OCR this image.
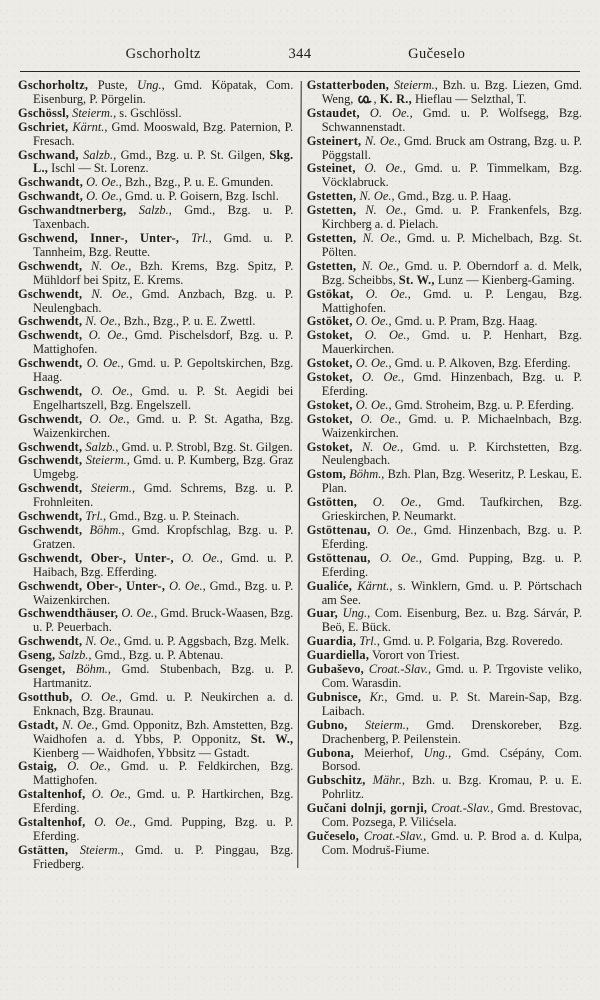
Gschorholtz	344	Gučeselo

Gschorholtz, Puste, Ung., Gmd. Köpatak, Com. Eisenburg, P. Pörgelin.

Gschössl, Steierm., s. Gschlössl.

Gschriet, Kärnt., Gmd. Mooswald, Bzg. Paternion, P. Fresach.

Gschwand, Salzb., Gmd., Bzg. u. P. St. Gilgen, Skg. L., Ischl — St. Lorenz.

Gschwandt, O. Oe., Bzh., Bzg., P. u. E. Gmunden.

Gschwandt, O. Oe., Gmd. u. P. Goisern, Bzg. Ischl.

Gschwandtnerberg, Salzb., Gmd., Bzg. u. P. Taxenbach.

Gschwend, Inner-, Unter-, Trl., Gmd. u. P. Tannheim, Bzg. Reutte.

Gschwendt, N. Oe., Bzh. Krems, Bzg. Spitz, P. Mühldorf bei Spitz, E. Krems.

Gschwendt, N. Oe., Gmd. Anzbach, Bzg. u. P. Neulengbach.

Gschwendt, N. Oe., Bzh., Bzg., P. u. E. Zwettl.

Gschwendt, O. Oe., Gmd. Pischelsdorf, Bzg. u. P. Mattighofen.

Gschwendt, O. Oe., Gmd. u. P. Gepoltskirchen, Bzg. Haag.

Gschwendt, O. Oe., Gmd. u. P. St. Aegidi bei Engelhartszell, Bzg. Engelszell.

Gschwendt, O. Oe., Gmd. u. P. St. Agatha, Bzg. Waizenkirchen.

Gschwendt, Salzb., Gmd. u. P. Strobl, Bzg. St. Gilgen.

Gschwendt, Steierm., Gmd. u. P. Kumberg, Bzg. Graz Umgebg.

Gschwendt, Steierm., Gmd. Schrems, Bzg. u. P. Frohnleiten.

Gschwendt, Trl., Gmd., Bzg. u. P. Steinach.

Gschwendt, Böhm., Gmd. Kropfschlag, Bzg. u. P. Gratzen.

Gschwendt, Ober-, Unter-, O. Oe., Gmd. u. P. Haibach, Bzg. Efferding.

Gschwendt, Ober-, Unter-, O. Oe., Gmd., Bzg. u. P. Waizenkirchen.

Gschwendthäuser, O. Oe., Gmd. Bruck-Waasen, Bzg. u. P. Peuerbach.

Gschwendt, N. Oe., Gmd. u. P. Aggsbach, Bzg. Melk.

Gseng, Salzb., Gmd., Bzg. u. P. Abtenau.

Gsenget, Böhm., Gmd. Stubenbach, Bzg. u. P. Hartmanitz.

Gsotthub, O. Oe., Gmd. u. P. Neukirchen a. d. Enknach, Bzg. Braunau.

Gstadt, N. Oe., Gmd. Opponitz, Bzh. Amstetten, Bzg. Waidhofen a. d. Ybbs, P. Opponitz, St. W., Kienberg — Waidhofen, Ybbsitz — Gstadt.

Gstaig, O. Oe., Gmd. u. P. Feldkirchen, Bzg. Mattighofen.

Gstaltenhof, O. Oe., Gmd. u. P. Hartkirchen, Bzg. Eferding.

Gstaltenhof, O. Oe., Gmd. Pupping, Bzg. u. P. Eferding.

Gstätten, Steierm., Gmd. u. P. Pinggau, Bzg. Friedberg.

Gstatterboden, Steierm., Bzh. u. Bzg. Liezen, Gmd. Weng,
, K. R., Hieflau — Selzthal, T.

Gstaudet, O. Oe., Gmd. u. P. Wolfsegg, Bzg. Schwannenstadt.

Gsteinert, N. Oe., Gmd. Bruck am Ostrang, Bzg. u. P. Pöggstall.

Gsteinet, O. Oe., Gmd. u. P. Timmelkam, Bzg. Vöcklabruck.

Gstetten, N. Oe., Gmd., Bzg. u. P. Haag.

Gstetten, N. Oe., Gmd. u. P. Frankenfels, Bzg. Kirchberg a. d. Pielach.

Gstetten, N. Oe., Gmd. u. P. Michelbach, Bzg. St. Pölten.

Gstetten, N. Oe., Gmd. u. P. Oberndorf a. d. Melk, Bzg. Scheibbs, St. W., Lunz — Kienberg-Gaming.

Gstökat, O. Oe., Gmd. u. P. Lengau, Bzg. Mattighofen.

Gstöket, O. Oe., Gmd. u. P. Pram, Bzg. Haag.

Gstoket, O. Oe., Gmd. u. P. Henhart, Bzg. Mauerkirchen.

Gstoket, O. Oe., Gmd. u. P. Alkoven, Bzg. Eferding.

Gstoket, O. Oe., Gmd. Hinzenbach, Bzg. u. P. Eferding.

Gstoket, O. Oe., Gmd. Stroheim, Bzg. u. P. Eferding.

Gstoket, O. Oe., Gmd. u. P. Michaelnbach, Bzg. Waizenkirchen.

Gstoket, N. Oe., Gmd. u. P. Kirchstetten, Bzg. Neulengbach.

Gstom, Böhm., Bzh. Plan, Bzg. Weseritz, P. Leskau, E. Plan.

Gstötten, O. Oe., Gmd. Taufkirchen, Bzg. Grieskirchen, P. Neumarkt.

Gstöttenau, O. Oe., Gmd. Hinzenbach, Bzg. u. P. Eferding.

Gstöttenau, O. Oe., Gmd. Pupping, Bzg. u. P. Eferding.

Gualiće, Kärnt., s. Winklern, Gmd. u. P. Pörtschach am See.

Guar, Ung., Com. Eisenburg, Bez. u. Bzg. Sárvár, P. Beö, E. Bück.

Guardia, Trl., Gmd. u. P. Folgaria, Bzg. Roveredo.

Guardiella, Vorort von Triest.

Gubaševo, Croat.-Slav., Gmd. u. P. Trgoviste veliko, Com. Warasdin.

Gubnisce, Kr., Gmd. u. P. St. Marein-Sap, Bzg. Laibach.

Gubno, Steierm., Gmd. Drenskoreber, Bzg. Drachenberg, P. Peilenstein.

Gubona, Meierhof, Ung., Gmd. Csépány, Com. Borsod.

Gubschitz, Mähr., Bzh. u. Bzg. Kromau, P. u. E. Pohrlitz.

Gučani dolnji, gornji, Croat.-Slav., Gmd. Brestovac, Com. Pozsega, P. Vilićsela.

Gučeselo, Croat.-Slav., Gmd. u. P. Brod a. d. Kulpa, Com. Modruš-Fiume.
